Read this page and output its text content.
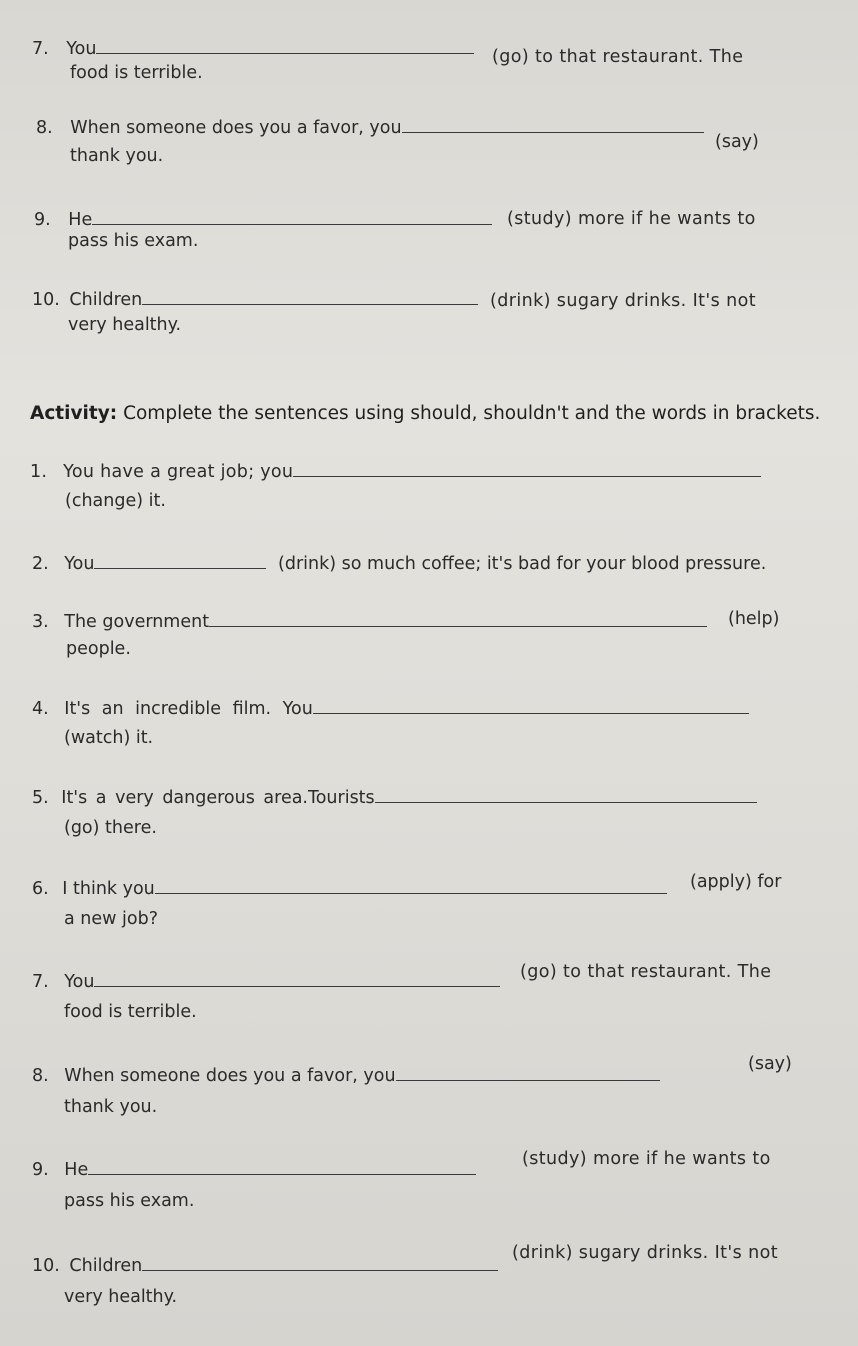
7. You	(go) to that restaurant. The
food is terrible.
8. When someone does you a favor, you
(say)
thank you.
9. He	(study) more if he wants to
pass his exam.
10. Children	(drink) sugary drinks. It's not
very healthy.
Activity: Complete the sentences using should, shouldn't and the words in brackets.
1. You have a great job; you
(change) it.
2. You	(drink) so much coffee; it's bad for your blood pressure.
3. The government	(help)
people.
4. It's an incredible film. You
(watch) it.
5. It's a very dangerous area.Tourists
(go) there.
6. I think you	(apply) for
a new job?
7. You	(go) to that restaurant. The
food is terrible.
8. When someone does you a favor, you
(say)
thank you.
9. He
(study) more if he wants to
pass his exam.
10. Children
(drink) sugary drinks. It's not
very healthy.
